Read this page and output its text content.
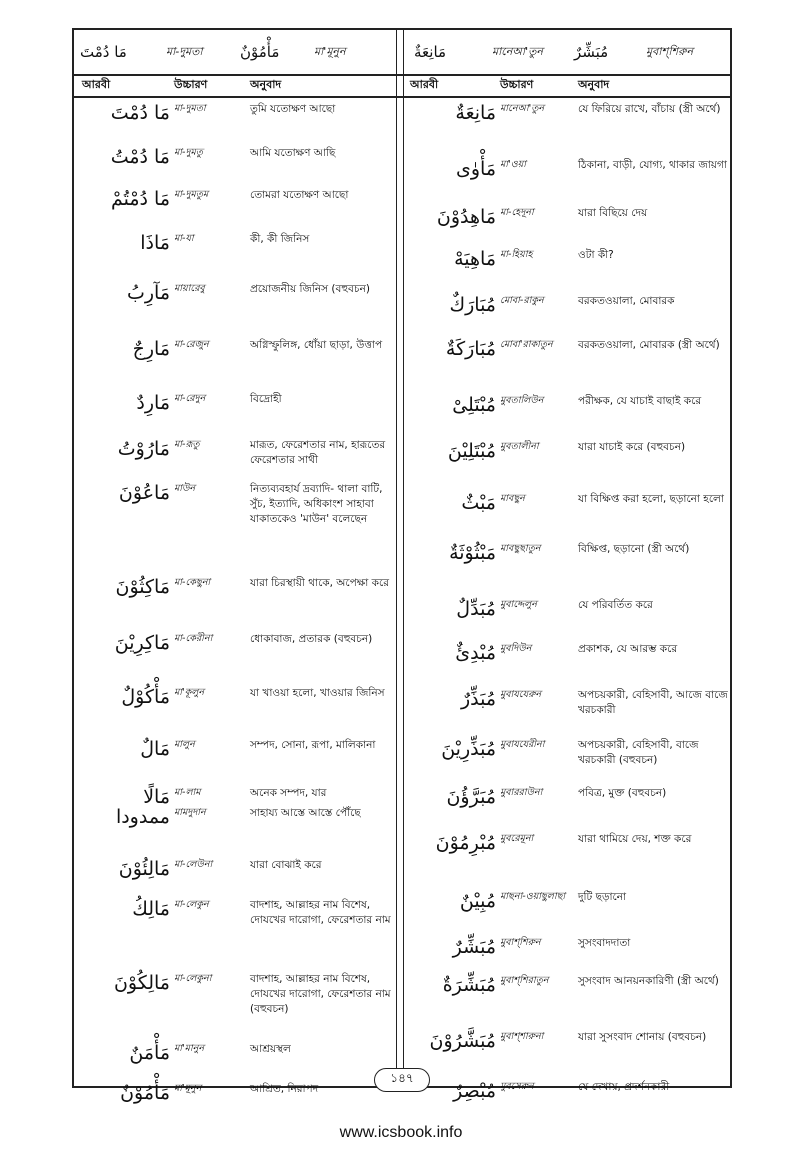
مَا دُمْتَ	মা-দুমতা مَأْمُوْنٌ	মা'মূনুন	مَانِعَةٌ	মানেআ'তুন مُبَشِّرٌ	মুবাশ্‌শিরুন
আরবী	উচ্চারণ	অনুবাদ	আরবী	উচ্চারণ	অনুবাদ
مَا دُمْتَ মা-দুমতা	তুমি যতোক্ষণ আছো
مَا دُمْتُ মা-দুমতু	আমি যতোক্ষণ আছি
مَا دُمْتُمْ মা-দুমতুম	তোমরা যতোক্ষণ আছো
مَاذَا মা-যা	কী, কী জিনিস
مَآرِبُ মায়ারেবু	প্রয়োজনীয় জিনিস (বহুবচন)
مَارِجٌ মা-রেজুন	অগ্নিস্ফুলিঙ্গ, ধোঁয়া ছাড়া, উত্তাপ
مَارِدٌ মা-রেদুন	বিদ্রোহী
مَارُوْتُ মা-রূতু	মারূত, ফেরেশতার নাম, হারূতের ফেরেশতার সাথী
مَاعُوْنَ মাউন	নিত্যব্যবহার্য দ্রব্যাদি- থালা বাটি, সুঁচ, ইত্যাদি, অধিকাংশ সাহাবা যাকাতকেও 'মাউন' বলেছেন
مَاكِثُوْنَ মা-কেছুনা	যারা চিরস্থায়ী থাকে, অপেক্ষা করে
مَاكِرِيْنَ মা-কেরীনা	ধোকাবাজ, প্রতারক (বহুবচন)
مَأْكُوْلٌ মা'কূলুন	যা খাওয়া হলো, খাওয়ার জিনিস
مَالٌ মালুন	সম্পদ, সোনা, রূপা, মালিকানা
مَالًا মা-লাম	অনেক সম্পদ, যার
ممدودا মামদুদান	সাহায্য আস্তে আস্তে পৌঁছে
مَالِئُوْنَ মা-লেউনা	যারা বোঝাই করে
مَالِكُ মা-লেকুন	বাদশাহ, আল্লাহর নাম বিশেষ, দোযখের দারোগা, ফেরেশতার নাম
مَالِكُوْنَ মা-লেকুনা	বাদশাহ, আল্লাহর নাম বিশেষ, দোযখের দারোগা, ফেরেশতার নাম (বহুবচন)
مَأْمَنٌ মা'মানুন	আশ্রয়স্থল
مَأْمُوْنٌ মা'মূনুন	আশ্রিত, নিরাপদ
مَانِعَةٌ মানেআ'তুন	যে ফিরিয়ে রাখে, বাঁচায় (স্ত্রী অর্থে)
مَأْوٰى মা'ওয়া	ঠিকানা, বাড়ী, যোগ্য, থাকার জায়গা
مَاهِدُوْنَ মা-হেদূনা	যারা বিছিয়ে দেয়
مَاهِيَهْ মা-হিয়াহ	ওটা কী?
مُبَارَكٌ মোবা-রাকুন	বরকতওয়ালা, মোবারক
مُبَارَكَةٌ মোবা'রাকাতুন	বরকতওয়ালা, মোবারক (স্ত্রী অর্থে)
مُبْتَلِىْ মুবতালিউন	পরীক্ষক, যে যাচাই বাছাই করে
مُبْتَلِيْنَ মুবতালীনা	যারা যাচাই করে (বহুবচন)
مَبْثٌ মাবছুন	যা বিক্ষিপ্ত করা হলো, ছড়ানো হলো
مَبْثُوْثَةٌ মাবছুছাতুন	বিক্ষিপ্ত, ছড়ানো (স্ত্রী অর্থে)
مُبَدِّلٌ মুবাদ্দেলুন	যে পরিবর্তিত করে
مُبْدِئٌ মুবদিউন	প্রকাশক, যে আরম্ভ করে
مُبَذِّرٌ মুবাযযেরুন	অপচয়কারী, বেহিসাবী, আজে বাজে খরচকারী
مُبَذِّرِيْنَ মুবাযযেরীনা	অপচয়কারী, বেহিসাবী, বাজে খরচকারী (বহুবচন)
مُبَرَّؤُنَ মুবাররাউনা	পবিত্র, মুক্ত (বহুবচন)
مُبْرِمُوْنَ মুবরেমূনা	যারা থামিয়ে দেয়, শক্ত করে
مُبِيْنٌ মাছনা-ওয়াছুলাছা	দুটি ছড়ানো
مُبَشِّرٌ মুবাশ্‌শিরুন	সুসংবাদদাতা
مُبَشِّرَةٌ মুবাশ্‌শিরাতুন	সুসংবাদ আনয়নকারিণী (স্ত্রী অর্থে)
مُبَشَّرُوْنَ মুবাশ্‌শারুনা	যারা সুসংবাদ শোনায় (বহুবচন)
مُبْصِرٌ মুবসেরুন	যে দেখায়, প্রদর্শনকারী
১৪৭
www.icsbook.info
